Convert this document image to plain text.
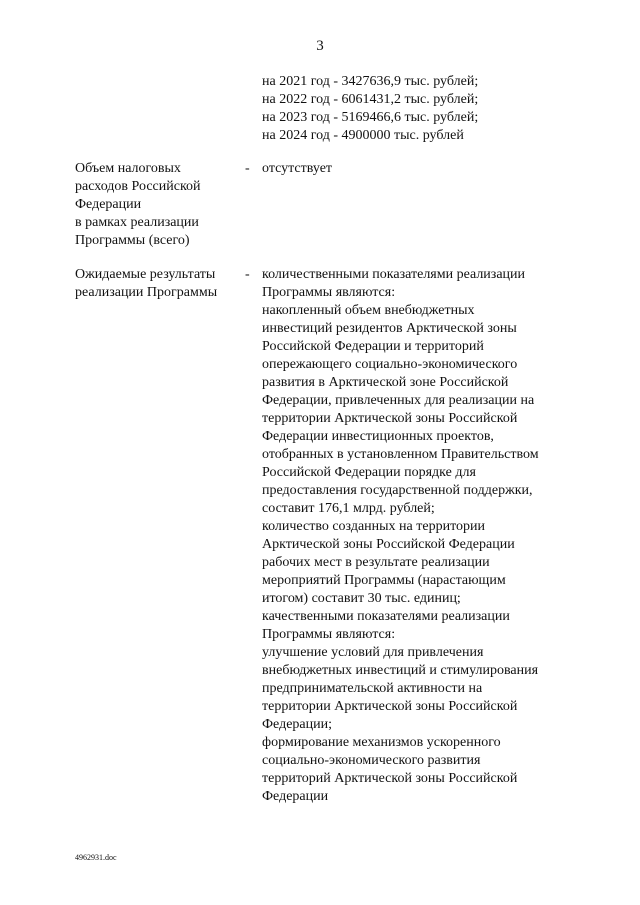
3
на 2021 год - 3427636,9 тыс. рублей;
на 2022 год - 6061431,2 тыс. рублей;
на 2023 год - 5169466,6 тыс. рублей;
на 2024 год - 4900000 тыс. рублей
Объем налоговых
расходов Российской
Федерации
в рамках реализации
Программы (всего)
- отсутствует
Ожидаемые результаты
реализации Программы
- количественными показателями реализации
Программы являются:
накопленный объем внебюджетных
инвестиций резидентов Арктической зоны
Российской Федерации и территорий
опережающего социально-экономического
развития в Арктической зоне Российской
Федерации, привлеченных для реализации на
территории Арктической зоны Российской
Федерации инвестиционных проектов,
отобранных в установленном Правительством
Российской Федерации порядке для
предоставления государственной поддержки,
составит 176,1 млрд. рублей;
количество созданных на территории
Арктической зоны Российской Федерации
рабочих мест в результате реализации
мероприятий Программы (нарастающим
итогом) составит 30 тыс. единиц;
качественными показателями реализации
Программы являются:
улучшение условий для привлечения
внебюджетных инвестиций и стимулирования
предпринимательской активности на
территории Арктической зоны Российской
Федерации;
формирование механизмов ускоренного
социально-экономического развития
территорий Арктической зоны Российской
Федерации
4962931.doc
